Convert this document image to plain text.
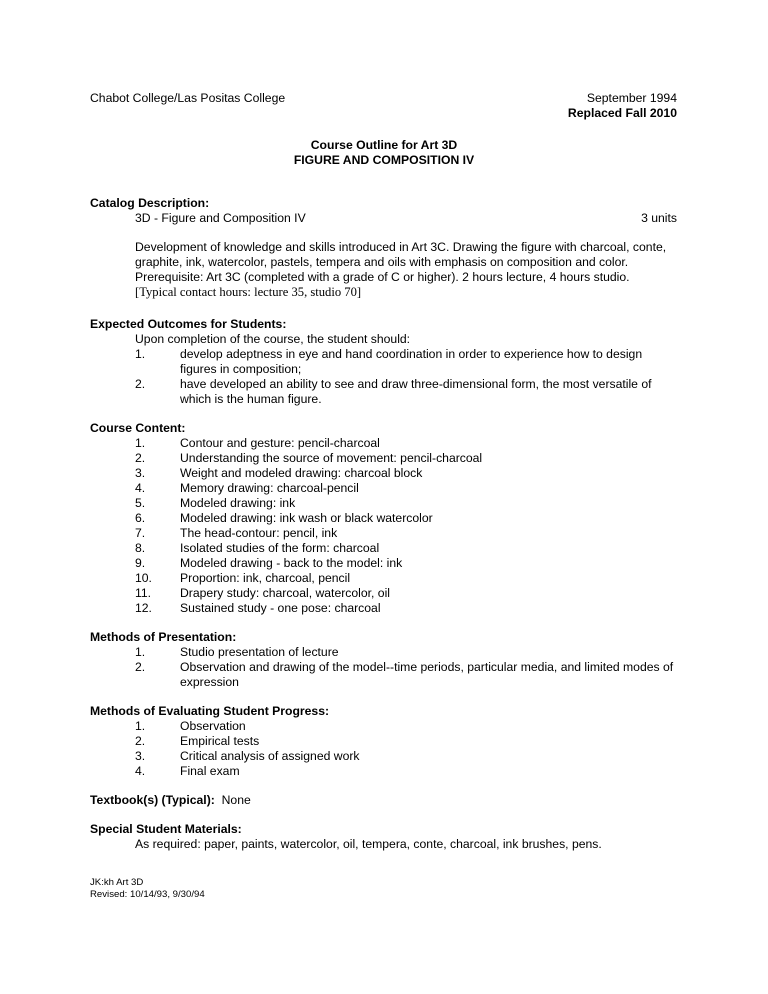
Chabot College/Las Positas College	September 1994
Replaced Fall 2010
Course Outline for Art 3D
FIGURE AND COMPOSITION IV
Catalog Description:
3D - Figure and Composition IV	3 units
Development of knowledge and skills introduced in Art 3C. Drawing the figure with charcoal, conte,
graphite, ink, watercolor, pastels, tempera and oils with emphasis on composition and color.
Prerequisite: Art 3C (completed with a grade of C or higher). 2 hours lecture, 4 hours studio.
[Typical contact hours: lecture 35, studio 70]
Expected Outcomes for Students:
Upon completion of the course, the student should:
1.	develop adeptness in eye and hand coordination in order to experience how to design
figures in composition;
2.	have developed an ability to see and draw three-dimensional form, the most versatile of
which is the human figure.
Course Content:
1.	Contour and gesture: pencil-charcoal
2.	Understanding the source of movement: pencil-charcoal
3.	Weight and modeled drawing: charcoal block
4.	Memory drawing: charcoal-pencil
5.	Modeled drawing: ink
6.	Modeled drawing: ink wash or black watercolor
7.	The head-contour: pencil, ink
8.	Isolated studies of the form: charcoal
9.	Modeled drawing - back to the model: ink
10. Proportion: ink, charcoal, pencil
11. Drapery study: charcoal, watercolor, oil
12. Sustained study - one pose: charcoal
Methods of Presentation:
1.	Studio presentation of lecture
2.	Observation and drawing of the model--time periods, particular media, and limited modes of
expression
Methods of Evaluating Student Progress:
1.	Observation
2.	Empirical tests
3.	Critical analysis of assigned work
4.	Final exam
Textbook(s) (Typical): None
Special Student Materials:
As required: paper, paints, watercolor, oil, tempera, conte, charcoal, ink brushes, pens.
JK:kh Art 3D
Revised: 10/14/93, 9/30/94
